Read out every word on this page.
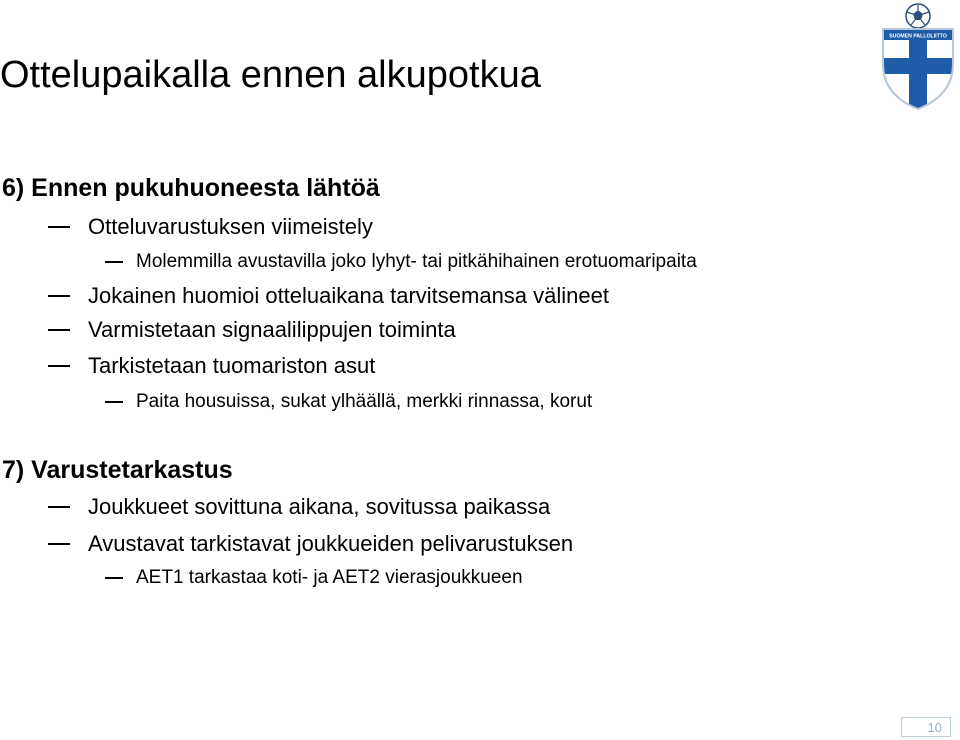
Ottelupaikalla ennen alkupotkua
SUOMEN PALLOLIITTO
6) Ennen pukuhuoneesta lähtöä
Otteluvarustuksen viimeistely
Molemmilla avustavilla joko lyhyt- tai pitkähihainen erotuomaripaita
Jokainen huomioi otteluaikana tarvitsemansa välineet
Varmistetaan signaalilippujen toiminta
Tarkistetaan tuomariston asut
Paita housuissa, sukat ylhäällä, merkki rinnassa, korut
7) Varustetarkastus
Joukkueet sovittuna aikana, sovitussa paikassa
Avustavat tarkistavat joukkueiden pelivarustuksen
AET1 tarkastaa koti- ja AET2 vierasjoukkueen
10
